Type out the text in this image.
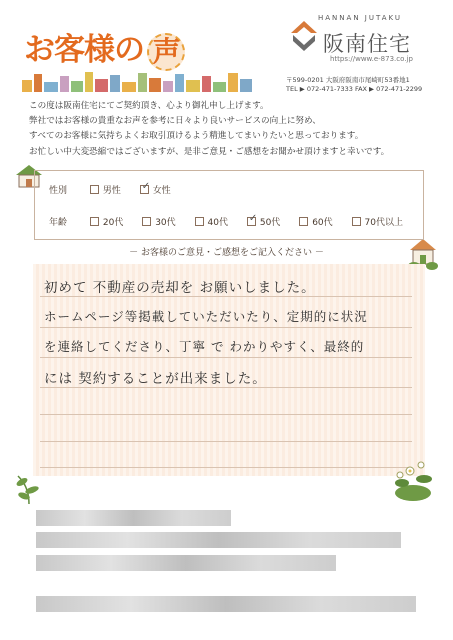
お客様の 声
HANNAN JUTAKU
阪南住宅
https://www.e-873.co.jp
〒599-0201 大阪府阪南市尾崎町53番地1
TEL ▶ 072-471-7333 FAX ▶ 072-471-2299
この度は阪南住宅にてご契約頂き、心より御礼申し上げます。
弊社ではお客様の貴重なお声を参考に日々より良いサービスの向上に努め、
すべてのお客様に気持ちよくお取引頂けるよう精進してまいりたいと思っております。
お忙しい中大変恐縮ではございますが、是非ご意見・ご感想をお聞かせ頂けますと幸いです。
性別	男性 ✓	女性
年齢	20代	30代	40代 ✓	50代	60代	70代以上
－ お客様のご意見・ご感想をご記入ください －
初めて 不動産の売却を お願いしました。
ホームページ等掲載していただいたり、定期的に状況
を連絡してくださり、丁寧 で わかりやすく、最終的
には 契約することが出来ました。
